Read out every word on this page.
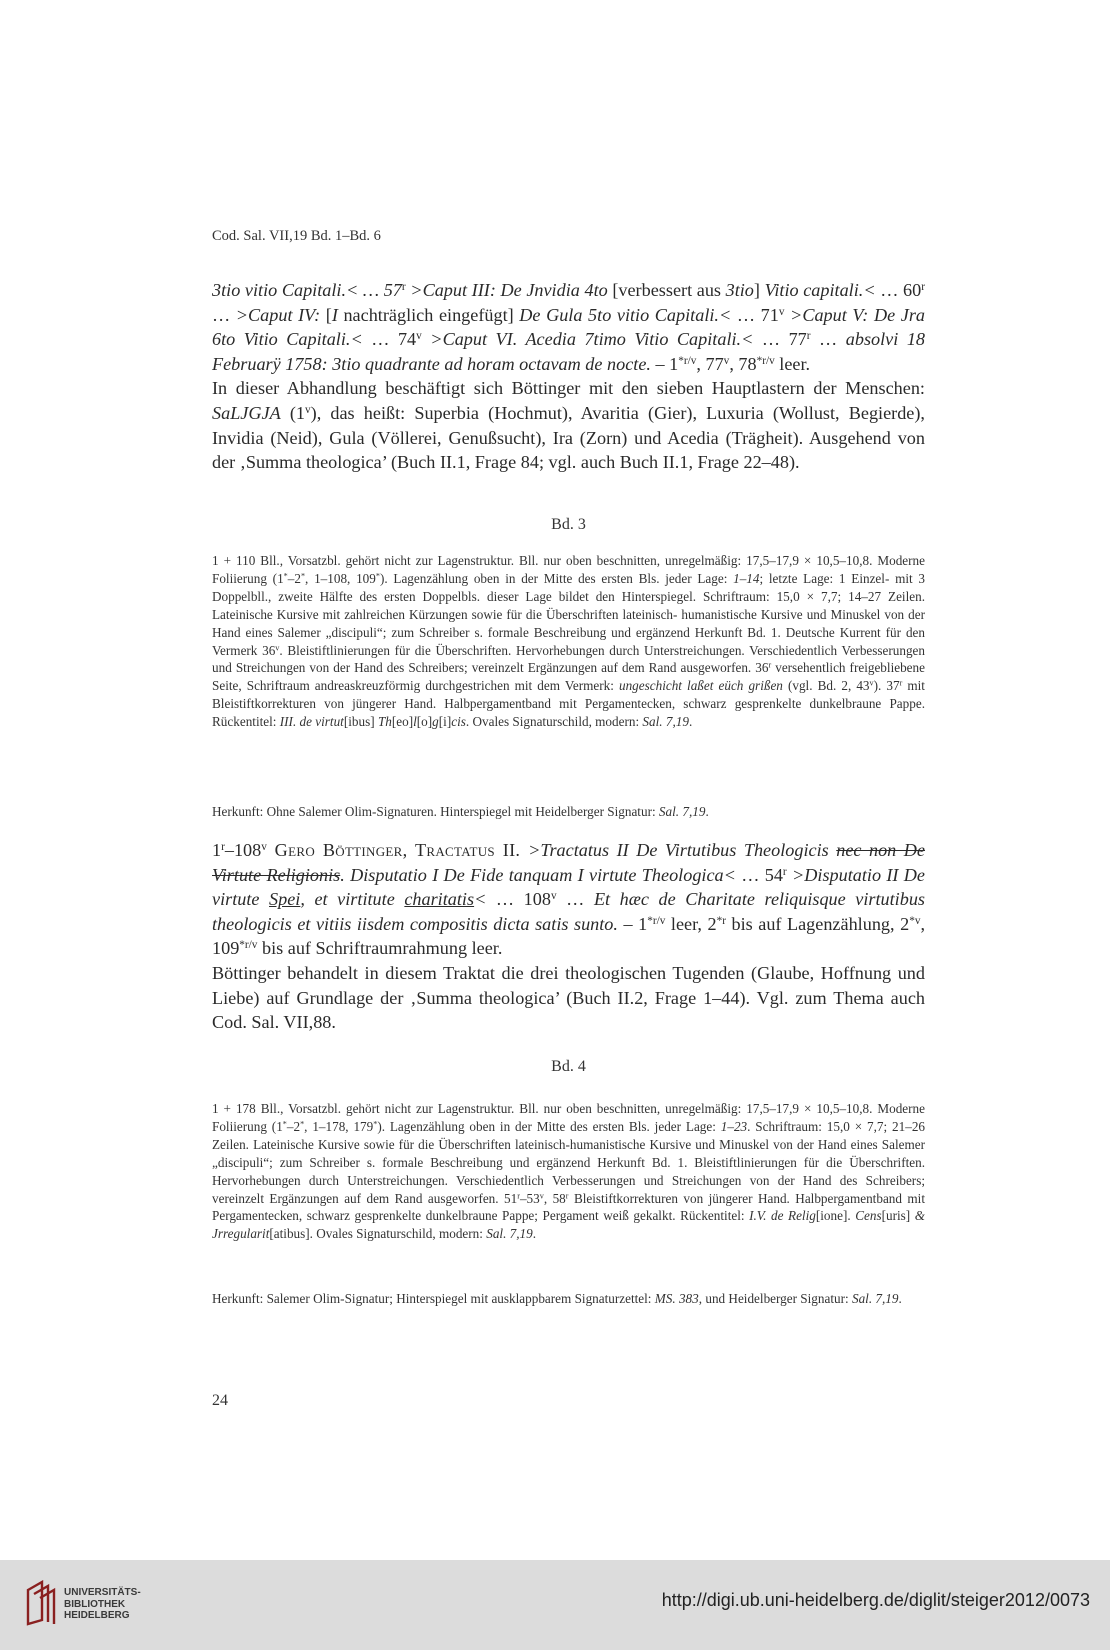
Cod. Sal. VII,19 Bd. 1–Bd. 6

3tio vitio Capitali.< … $57^r$ >Caput III: De Jnvidia 4to [verbessert aus 3tio] Vitio capitali.< … 60$^r$ … >Caput IV: [I nachträglich eingefügt] De Gula 5to vitio Capitali.< … $71^v$ >Caput V: De Jra 6to Vitio Capitali.< … $74^v$ >Caput VI. Acedia 7timo Vitio Capitali.< … 77$^r$ … absolvi 18 Februarÿ 1758: 3tio quadrante ad horam octavam de nocte. – $1^{*r/v}$, 77$^v$, $78^{*r/v}$ leer.

In dieser Abhandlung beschäftigt sich Böttinger mit den sieben Hauptlastern der Menschen: SaLJGJA (1$^v$), das heißt: Superbia (Hochmut), Avaritia (Gier), Luxuria (Wollust, Begierde), Invidia (Neid), Gula (Völlerei, Genußsucht), Ira (Zorn) und Acedia (Trägheit). Ausgehend von der ‚Summa theologica’ (Buch II.1, Frage 84; vgl. auch Buch II.1, Frage 22–48).

Bd. 3

1 + 110 Bll., Vorsatzbl. gehört nicht zur Lagenstruktur. Bll. nur oben beschnitten, unregelmäßig: 17,5–17,9 × 10,5–10,8. Moderne Foliierung (1*–2*, 1–108, 109*). Lagenzählung oben in der Mitte des ersten Bls. jeder Lage: 1–14; letzte Lage: 1 Einzel- mit 3 Doppelbll., zweite Hälfte des ersten Doppelbls. dieser Lage bildet den Hinterspiegel. Schriftraum: 15,0 × 7,7; 14–27 Zeilen. Lateinische Kursive mit zahlreichen Kürzungen sowie für die Überschriften lateinisch- humanistische Kursive und Minuskel von der Hand eines Salemer „discipuli“; zum Schreiber s. formale Beschreibung und ergänzend Herkunft Bd. 1. Deutsche Kurrent für den Vermerk 36$^v$. Bleistiftlinierungen für die Überschriften. Hervorhebungen durch Unterstreichungen. Verschiedentlich Verbesserungen und Streichungen von der Hand des Schreibers; vereinzelt Ergänzungen auf dem Rand ausgeworfen. 36$^r$ versehentlich freigebliebene Seite, Schriftraum andreaskreuzförmig durchgestrichen mit dem Vermerk: ungeschicht laßet eüch grißen (vgl. Bd. 2, 43$^v$). 37$^r$ mit Bleistiftkorrekturen von jüngerer Hand. Halbpergamentband mit Pergamentecken, schwarz gesprenkelte dunkelbraune Pappe. Rückentitel: III. de virtut[ibus] Th[eo]l[o]g[i]cis. Ovales Signaturschild, modern: Sal. 7,19.

Herkunft: Ohne Salemer Olim-Signaturen. Hinterspiegel mit Heidelberger Signatur: Sal. 7,19.

1$^r$–108$^v$ Gero Böttinger, Tractatus II. >Tractatus II De Virtutibus Theologicis nec non De Virtute Religionis. Disputatio I De Fide tanquam I virtute Theologica< … $54^r$ >Disputatio II De virtute Spei, et virtitute charitatis< … 108$^v$ … Et hæc de Charitate reliquisque virtutibus theologicis et vitiis iisdem compositis dicta satis sunto. – $1^{*r/v}$ leer, 2$^{*r}$ bis auf Lagenzählung, 2$^{*v}$, $109^{*r/v}$ bis auf Schriftraumrahmung leer.

Böttinger behandelt in diesem Traktat die drei theologischen Tugenden (Glaube, Hoffnung und Liebe) auf Grundlage der ‚Summa theologica’ (Buch II.2, Frage 1–44). Vgl. zum Thema auch Cod. Sal. VII,88.

Bd. 4

1 + 178 Bll., Vorsatzbl. gehört nicht zur Lagenstruktur. Bll. nur oben beschnitten, unregelmäßig: 17,5–17,9 × 10,5–10,8. Moderne Foliierung (1*–2*, 1–178, 179*). Lagenzählung oben in der Mitte des ersten Bls. jeder Lage: 1–23. Schriftraum: 15,0 × 7,7; 21–26 Zeilen. Lateinische Kursive sowie für die Überschriften lateinisch-humanistische Kursive und Minuskel von der Hand eines Salemer „discipuli“; zum Schreiber s. formale Beschreibung und ergänzend Herkunft Bd. 1. Bleistiftlinierungen für die Überschriften. Hervorhebungen durch Unterstreichungen. Verschiedentlich Verbesserungen und Streichungen von der Hand des Schreibers; vereinzelt Ergänzungen auf dem Rand ausgeworfen. 51$^r$–53$^v$, 58$^r$ Bleistiftkorrekturen von jüngerer Hand. Halbpergamentband mit Pergamentecken, schwarz gesprenkelte dunkelbraune Pappe; Pergament weiß gekalkt. Rückentitel: I.V. de Relig[ione]. Cens[uris] & Jrregularit[atibus]. Ovales Signaturschild, modern: Sal. 7,19.

Herkunft: Salemer Olim-Signatur; Hinterspiegel mit ausklappbarem Signaturzettel: MS. 383, und Heidelberger Signatur: Sal. 7,19.

24
UNIVERSITÄTS-
BIBLIOTHEK
HEIDELBERG
http://digi.ub.uni-heidelberg.de/diglit/steiger2012/0073
